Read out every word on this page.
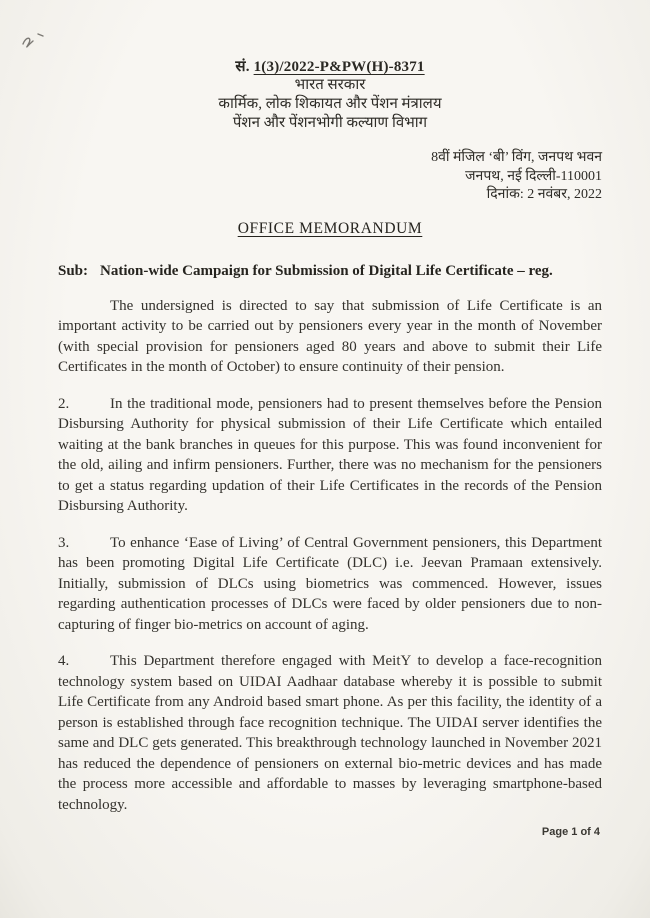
सं. 1(3)/2022-P&PW(H)-8371
भारत सरकार
कार्मिक, लोक शिकायत और पेंशन मंत्रालय
पेंशन और पेंशनभोगी कल्याण विभाग
8वीं मंजिल ‘बी’ विंग, जनपथ भवन
जनपथ, नई दिल्ली-110001
दिनांक: 2 नवंबर, 2022
OFFICE MEMORANDUM
Sub: Nation-wide Campaign for Submission of Digital Life Certificate – reg.

The undersigned is directed to say that submission of Life Certificate is an important activity to be carried out by pensioners every year in the month of November (with special provision for pensioners aged 80 years and above to submit their Life Certificates in the month of October) to ensure continuity of their pension.

2.	In the traditional mode, pensioners had to present themselves before the Pension Disbursing Authority for physical submission of their Life Certificate which entailed waiting at the bank branches in queues for this purpose. This was found inconvenient for the old, ailing and infirm pensioners. Further, there was no mechanism for the pensioners to get a status regarding updation of their Life Certificates in the records of the Pension Disbursing Authority.

3.	To enhance ‘Ease of Living’ of Central Government pensioners, this Department has been promoting Digital Life Certificate (DLC) i.e. Jeevan Pramaan extensively. Initially, submission of DLCs using biometrics was commenced. However, issues regarding authentication processes of DLCs were faced by older pensioners due to non-capturing of finger bio-metrics on account of aging.

4.	This Department therefore engaged with MeitY to develop a face-recognition technology system based on UIDAI Aadhaar database whereby it is possible to submit Life Certificate from any Android based smart phone. As per this facility, the identity of a person is established through face recognition technique. The UIDAI server identifies the same and DLC gets generated. This breakthrough technology launched in November 2021 has reduced the dependence of pensioners on external bio-metric devices and has made the process more accessible and affordable to masses by leveraging smartphone-based technology.

Page 1 of 4
